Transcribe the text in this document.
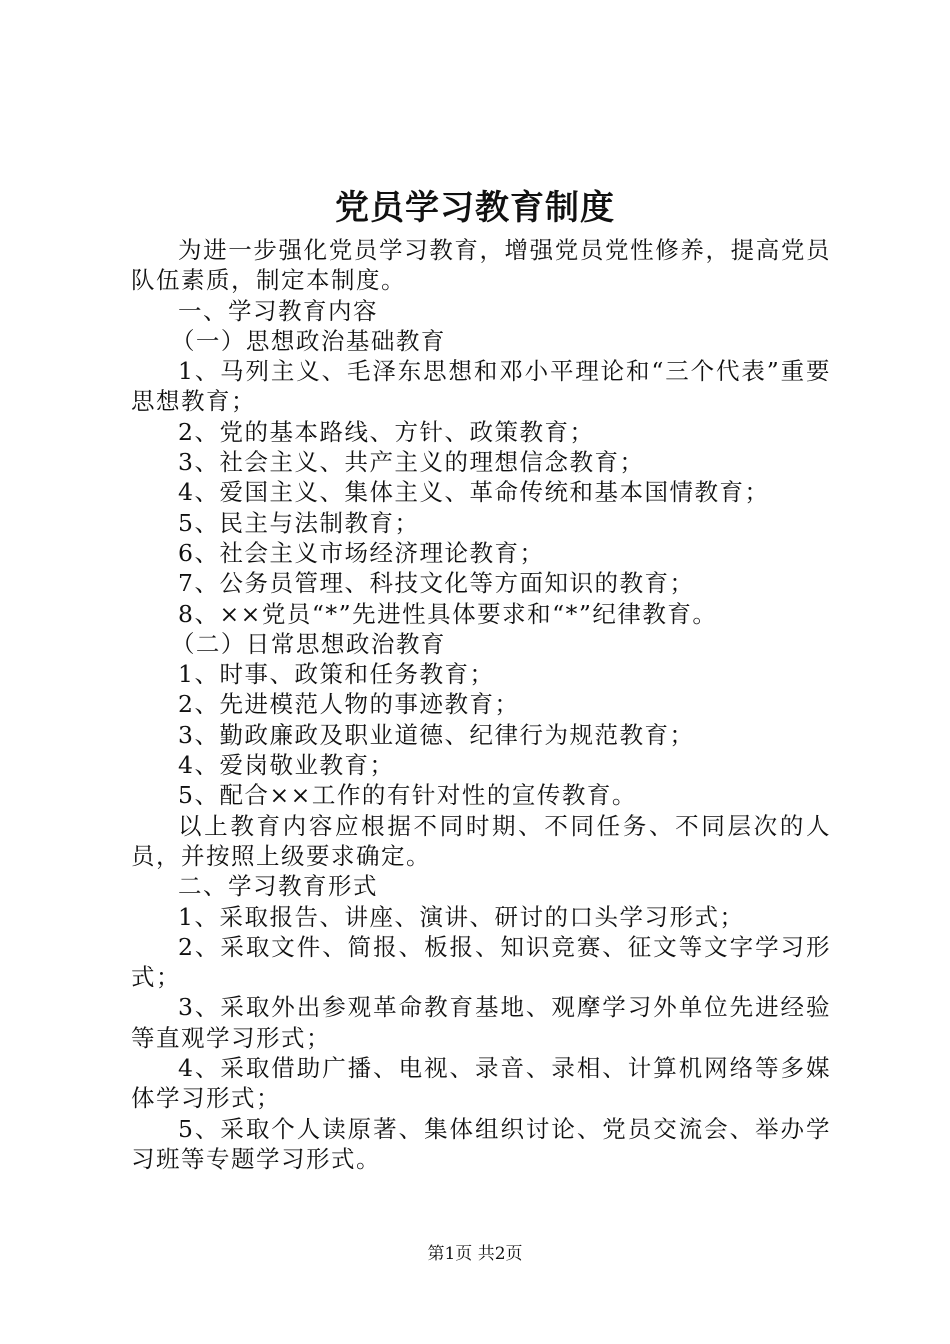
党员学习教育制度

为进一步强化党员学习教育，增强党员党性修养，提高党员队伍素质，制定本制度。

一、学习教育内容

（一）思想政治基础教育

1、马列主义、毛泽东思想和邓小平理论和“三个代表”重要思想教育；

2、党的基本路线、方针、政策教育；

3、社会主义、共产主义的理想信念教育；

4、爱国主义、集体主义、革命传统和基本国情教育；

5、民主与法制教育；

6、社会主义市场经济理论教育；

7、公务员管理、科技文化等方面知识的教育；

8、××党员“*”先进性具体要求和“*”纪律教育。

（二）日常思想政治教育

1、时事、政策和任务教育；

2、先进模范人物的事迹教育；

3、勤政廉政及职业道德、纪律行为规范教育；

4、爱岗敬业教育；

5、配合××工作的有针对性的宣传教育。

以上教育内容应根据不同时期、不同任务、不同层次的人员，并按照上级要求确定。

二、学习教育形式

1、采取报告、讲座、演讲、研讨的口头学习形式；

2、采取文件、简报、板报、知识竞赛、征文等文字学习形式；

3、采取外出参观革命教育基地、观摩学习外单位先进经验等直观学习形式；

4、采取借助广播、电视、录音、录相、计算机网络等多媒体学习形式；

5、采取个人读原著、集体组织讨论、党员交流会、举办学习班等专题学习形式。

第1页 共2页
